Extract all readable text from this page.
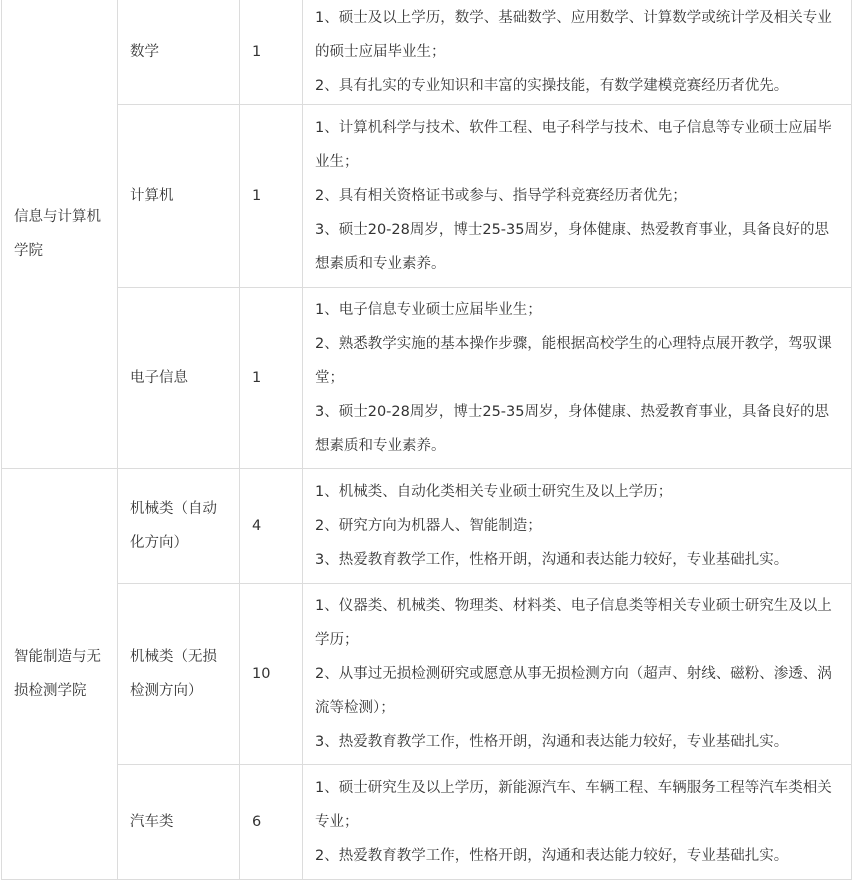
信息与计算机学院	数学	1	1、硕士及以上学历，数学、基础数学、应用数学、计算数学或统计学及相关专业的硕士应届毕业生；
2、具有扎实的专业知识和丰富的实操技能，有数学建模竞赛经历者优先。

	计算机	1	1、计算机科学与技术、软件工程、电子科学与技术、电子信息等专业硕士应届毕业生；
2、具有相关资格证书或参与、指导学科竞赛经历者优先；
3、硕士20-28周岁，博士25-35周岁，身体健康、热爱教育事业，具备良好的思想素质和专业素养。

	电子信息	1	1、电子信息专业硕士应届毕业生；
2、熟悉教学实施的基本操作步骤，能根据高校学生的心理特点展开教学，驾驭课堂；
3、硕士20-28周岁，博士25-35周岁，身体健康、热爱教育事业，具备良好的思想素质和专业素养。

智能制造与无损检测学院	机械类（自动化方向）	4	1、机械类、自动化类相关专业硕士研究生及以上学历；
2、研究方向为机器人、智能制造；
3、热爱教育教学工作，性格开朗，沟通和表达能力较好，专业基础扎实。

	机械类（无损检测方向）	10	1、仪器类、机械类、物理类、材料类、电子信息类等相关专业硕士研究生及以上学历；
2、从事过无损检测研究或愿意从事无损检测方向（超声、射线、磁粉、渗透、涡流等检测）；
3、热爱教育教学工作，性格开朗，沟通和表达能力较好，专业基础扎实。

	汽车类	6	1、硕士研究生及以上学历，新能源汽车、车辆工程、车辆服务工程等汽车类相关专业；
2、热爱教育教学工作，性格开朗，沟通和表达能力较好，专业基础扎实。
